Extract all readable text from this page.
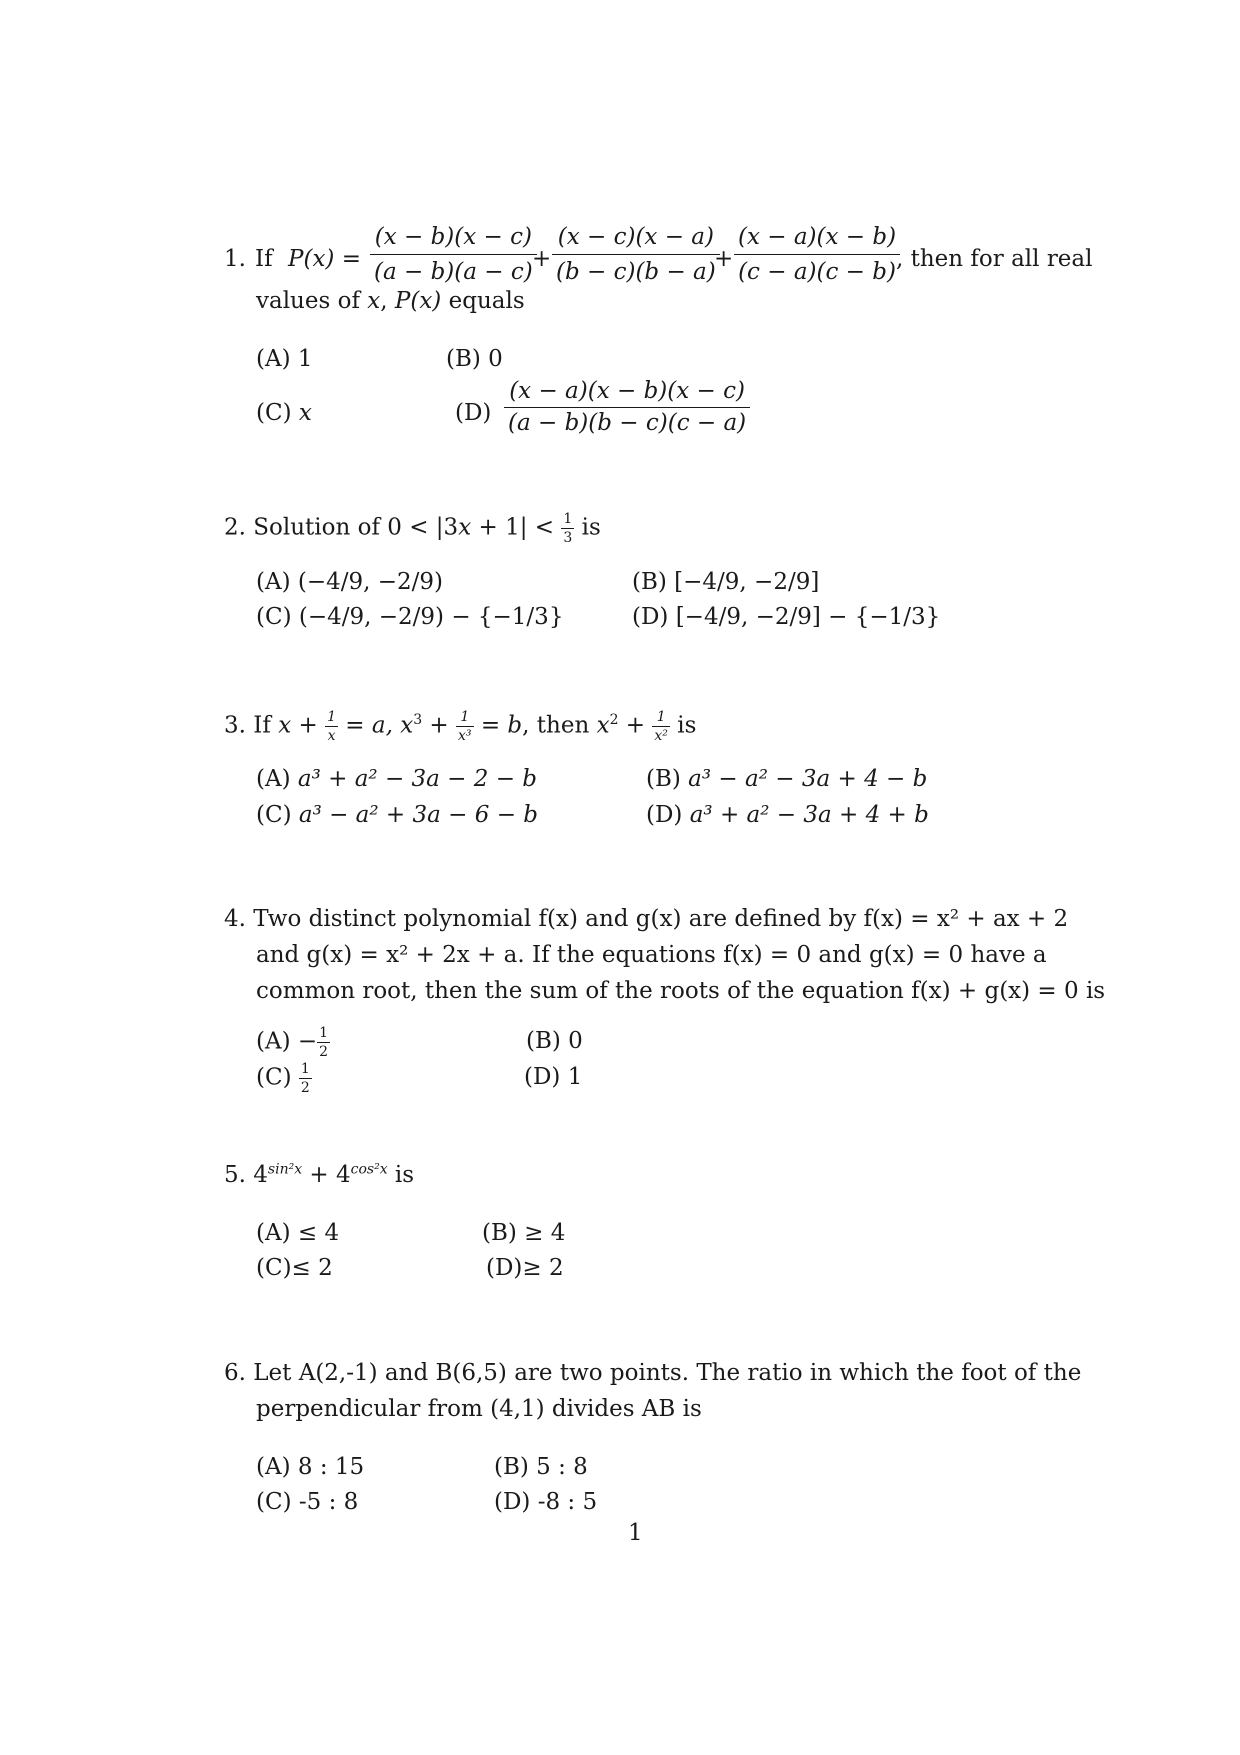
1. If $P(x) = \frac{(x - b)(x - c)}{(a - b)(a - c)}$
+ $\frac{(x - c)(x - a)}{(b - c)(b - a)}$
+ $\frac{(x - a)(x - b)}{(c - a)(c - b)}$
, then for all real
values of x, P(x) equals
(A) 1	(B) 0
(C) x	$(D) \frac{(x - a)(x - b)(x - c)}{(a - b)(b - c)(c - a)}$
2. Solution of $0 < |3x + 1| < \frac{1}{3}$ is
(A) (−4/9, −2/9)	(B) [−4/9, −2/9]
(C) (−4/9, −2/9) − {−1/3}	(D) [−4/9, −2/9] − {−1/3}
3. If $x + \frac{1}{x} = a$, $x^3 + \frac{1}{\text{x³}} = b$, then $x^2 + \frac{1}{\text{x²}}$ is
(A) a³ + a² − 3a − 2 − b	(B) a³ − a² − 3a + 4 − b
(C) a³ − a² + 3a − 6 − b	(D) a³ + a² − 3a + 4 + b
4. Two distinct polynomial f(x) and g(x) are defined by f(x) = x² + ax + 2
and g(x) = x² + 2x + a. If the equations f(x) = 0 and g(x) = 0 have a
common root, then the sum of the roots of the equation f(x) + g(x) = 0 is
$(A) - \frac{1}{2}$	(B) 0
$(C) \frac{1}{2}$	(D) 1
5. $4^{sin^2x} + 4^{cos^2x}$ is
(A) ≤ 4	(B) ≥ 4
(C)≤ 2	(D)≥ 2
6. Let A(2,-1) and B(6,5) are two points. The ratio in which the foot of the
perpendicular from (4,1) divides AB is
(A) 8 : 15	(B) 5 : 8
(C) -5 : 8	(D) -8 : 5
1
